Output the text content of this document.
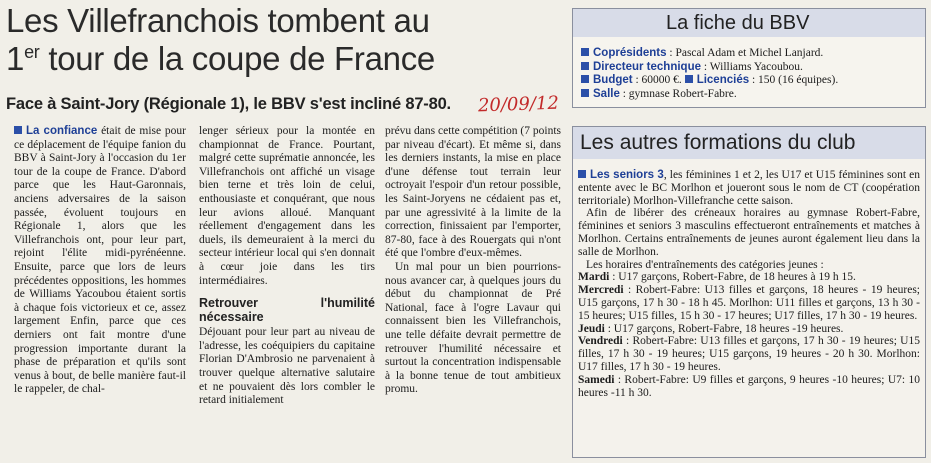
Les Villefranchois tombent au
1er tour de la coupe de France
Face à Saint-Jory (Régionale 1), le BBV s'est incliné 87-80. 20/09/12

La confiance était de mise pour ce déplacement de l'équipe fanion du BBV à Saint-Jory à l'occasion du 1er tour de la coupe de France. D'abord parce que les Haut-Garonnais, anciens adversaires de la saison passée, évoluent toujours en Régionale 1, alors que les Villefranchois ont, pour leur part, rejoint l'élite midi-pyrénéenne. Ensuite, parce que lors de leurs précédentes oppositions, les hommes de Williams Yacoubou étaient sortis à chaque fois victorieux et ce, assez largement Enfin, parce que ces derniers ont fait montre d'une progression importante durant la phase de préparation et qu'ils sont venus à bout, de belle manière faut-il le rappeler, de chal-

lenger sérieux pour la montée en championnat de France. Pourtant, malgré cette suprématie annoncée, les Villefranchois ont affiché un visage bien terne et très loin de celui, enthousiaste et conquérant, que nous leur avions alloué. Manquant réellement d'engagement dans les duels, ils demeuraient à la merci du secteur intérieur local qui s'en donnait à cœur joie dans les tirs intermédiaires.

Retrouver l'humilité nécessaire

Déjouant pour leur part au niveau de l'adresse, les coéquipiers du capitaine Florian D'Ambrosio ne parvenaient à trouver quelque alternative salutaire et ne pouvaient dès lors combler le retard initialement

prévu dans cette compétition (7 points par niveau d'écart). Et même si, dans les derniers instants, la mise en place d'une défense tout terrain leur octroyait l'espoir d'un retour possible, les Saint-Joryens ne cédaient pas et, par une agressivité à la limite de la correction, finissaient par l'emporter, 87-80, face à des Rouergats qui n'ont été que l'ombre d'eux-mêmes.

Un mal pour un bien pourrions-nous avancer car, à quelques jours du début du championnat de Pré National, face à l'ogre Lavaur qui connaissent bien les Villefranchois, une telle défaite devrait permettre de retrouver l'humilité nécessaire et surtout la concentration indispensable à la bonne tenue de tout ambitieux promu.

La fiche du BBV
Coprésidents : Pascal Adam et Michel Lanjard.
Directeur technique : Williams Yacoubou.
Budget : 60000 €. Licenciés : 150 (16 équipes).
Salle : gymnase Robert-Fabre.
Les autres formations du club

Les seniors 3, les féminines 1 et 2, les U17 et U15 féminines sont en entente avec le BC Morlhon et joueront sous le nom de CT (coopération territoriale) Morlhon-Villefranche cette saison.

Afin de libérer des créneaux horaires au gymnase Robert-Fabre, féminines et seniors 3 masculins effectueront entraînements et matches à Morlhon. Certains entraînements de jeunes auront également lieu dans la salle de Morlhon.

Les horaires d'entraînements des catégories jeunes :

Mardi : U17 garçons, Robert-Fabre, de 18 heures à 19 h 15.

Mercredi : Robert-Fabre: U13 filles et garçons, 18 heures - 19 heures; U15 garçons, 17 h 30 - 18 h 45. Morlhon: U11 filles et garçons, 13 h 30 - 15 heures; U15 filles, 15 h 30 - 17 heures; U17 filles, 17 h 30 - 19 heures.

Jeudi : U17 garçons, Robert-Fabre, 18 heures -19 heures.

Vendredi : Robert-Fabre: U13 filles et garçons, 17 h 30 - 19 heures; U15 filles, 17 h 30 - 19 heures; U15 garçons, 19 heures - 20 h 30. Morlhon: U17 filles, 17 h 30 - 19 heures.

Samedi : Robert-Fabre: U9 filles et garçons, 9 heures -10 heures; U7: 10 heures -11 h 30.
